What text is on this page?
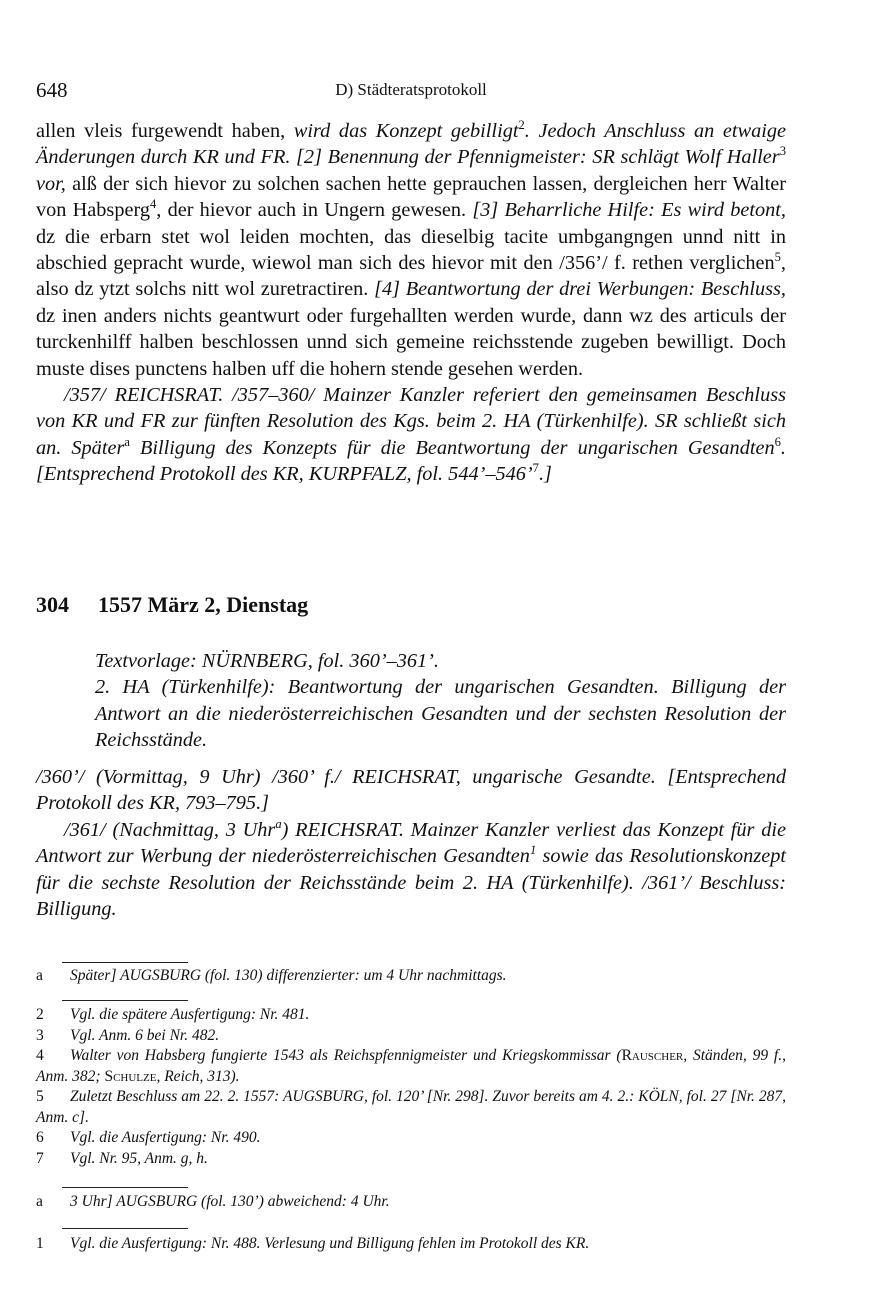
648	D) Städteratsprotokoll

allen vleis furgewendt haben, wird das Konzept gebilligt$^2$. Jedoch Anschluss an etwaige Änderungen durch KR und FR. [2] Benennung der Pfennigmeister: SR schlägt Wolf Haller$^3$ vor, alß der sich hievor zu solchen sachen hette geprauchen lassen, dergleichen herr Walter von Habsperg$^4$, der hievor auch in Ungern gewesen. [3] Beharrliche Hilfe: Es wird betont, dz die erbarn stet wol leiden mochten, das dieselbig tacite umbgangngen unnd nitt in abschied gepracht wurde, wiewol man sich des hievor mit den /356’/ f. rethen verglichen$^5$, also dz ytzt solchs nitt wol zuretractiren. [4] Beantwortung der drei Werbungen: Beschluss, dz inen anders nichts geantwurt oder furgehallten werden wurde, dann wz des articuls der turckenhilff halben beschlossen unnd sich gemeine reichsstende zugeben bewilligt. Doch muste dises punctens halben uff die hohern stende gesehen werden.

/357/ REICHSRAT. /357–360/ Mainzer Kanzler referiert den gemeinsamen Beschluss von KR und FR zur fünften Resolution des Kgs. beim 2. HA (Türkenhilfe). SR schließt sich an. Später$^a$ Billigung des Konzepts für die Beantwortung der ungarischen Gesandten$^6$. [Entsprechend Protokoll des KR, KURPFALZ, fol. 544’–546’$^7$.]

304 1557 März 2, Dienstag

Textvorlage: NÜRNBERG, fol. 360’–361’.

2. HA (Türkenhilfe): Beantwortung der ungarischen Gesandten. Billigung der Antwort an die niederösterreichischen Gesandten und der sechsten Resolution der Reichsstände.

/360’/ (Vormittag, 9 Uhr) /360’ f./ REICHSRAT, ungarische Gesandte. [Entsprechend Protokoll des KR, 793–795.]

/361/ (Nachmittag, 3 Uhr$^a$) REICHSRAT. Mainzer Kanzler verliest das Konzept für die Antwort zur Werbung der niederösterreichischen Gesandten$^1$ sowie das Resolutionskonzept für die sechste Resolution der Reichsstände beim 2. HA (Türkenhilfe). /361’/ Beschluss: Billigung.

a Später] AUGSBURG (fol. 130) differenzierter: um 4 Uhr nachmittags.

2 Vgl. die spätere Ausfertigung: Nr. 481.

3 Vgl. Anm. 6 bei Nr. 482.

4 Walter von Habsberg fungierte 1543 als Reichspfennigmeister und Kriegskommissar (Rauscher, Ständen, 99 f., Anm. 382; Schulze, Reich, 313).

5 Zuletzt Beschluss am 22. 2. 1557: AUGSBURG, fol. 120’ [Nr. 298]. Zuvor bereits am 4. 2.: KÖLN, fol. 27 [Nr. 287, Anm. c].

6 Vgl. die Ausfertigung: Nr. 490.

7 Vgl. Nr. 95, Anm. g, h.

a 3 Uhr] AUGSBURG (fol. 130’) abweichend: 4 Uhr.

1 Vgl. die Ausfertigung: Nr. 488. Verlesung und Billigung fehlen im Protokoll des KR.
